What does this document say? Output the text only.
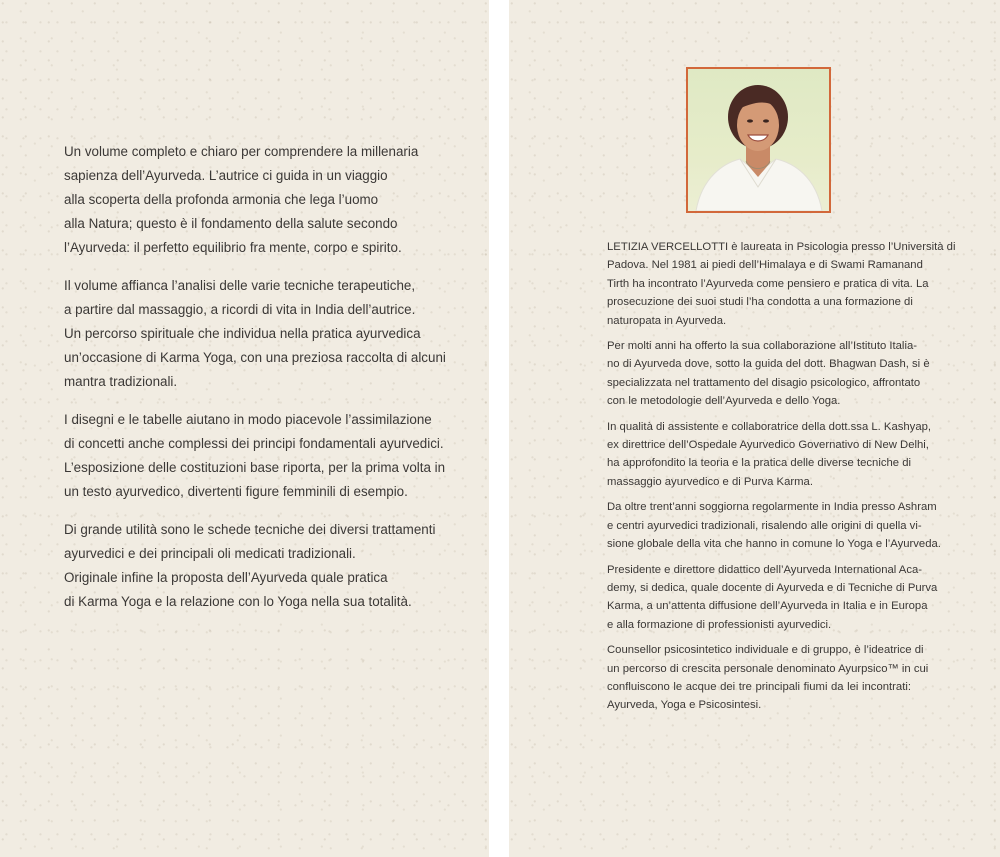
Un volume completo e chiaro per comprendere la millenaria
sapienza dell’Ayurveda. L’autrice ci guida in un viaggio
alla scoperta della profonda armonia che lega l’uomo
alla Natura; questo è il fondamento della salute secondo
l’Ayurveda: il perfetto equilibrio fra mente, corpo e spirito.

Il volume affianca l’analisi delle varie tecniche terapeutiche,
a partire dal massaggio, a ricordi di vita in India dell’autrice.
Un percorso spirituale che individua nella pratica ayurvedica
un’occasione di Karma Yoga, con una preziosa raccolta di alcuni
mantra tradizionali.

I disegni e le tabelle aiutano in modo piacevole l’assimilazione
di concetti anche complessi dei principi fondamentali ayurvedici.
L’esposizione delle costituzioni base riporta, per la prima volta in
un testo ayurvedico, divertenti figure femminili di esempio.

Di grande utilità sono le schede tecniche dei diversi trattamenti
ayurvedici e dei principali oli medicati tradizionali.
Originale infine la proposta dell’Ayurveda quale pratica
di Karma Yoga e la relazione con lo Yoga nella sua totalità.

LETIZIA VERCELLOTTI è laureata in Psicologia presso l’Università di
Padova. Nel 1981 ai piedi dell’Himalaya e di Swami Ramanand
Tirth ha incontrato l’Ayurveda come pensiero e pratica di vita. La
prosecuzione dei suoi studi l’ha condotta a una formazione di
naturopata in Ayurveda.

Per molti anni ha offerto la sua collaborazione all’Istituto Italia-
no di Ayurveda dove, sotto la guida del dott. Bhagwan Dash, si è
specializzata nel trattamento del disagio psicologico, affrontato
con le metodologie dell’Ayurveda e dello Yoga.

In qualità di assistente e collaboratrice della dott.ssa L. Kashyap,
ex direttrice dell’Ospedale Ayurvedico Governativo di New Delhi,
ha approfondito la teoria e la pratica delle diverse tecniche di
massaggio ayurvedico e di Purva Karma.

Da oltre trent’anni soggiorna regolarmente in India presso Ashram
e centri ayurvedici tradizionali, risalendo alle origini di quella vi-
sione globale della vita che hanno in comune lo Yoga e l’Ayurveda.

Presidente e direttore didattico dell’Ayurveda International Aca-
demy, si dedica, quale docente di Ayurveda e di Tecniche di Purva
Karma, a un’attenta diffusione dell’Ayurveda in Italia e in Europa
e alla formazione di professionisti ayurvedici.

Counsellor psicosintetico individuale e di gruppo, è l’ideatrice di
un percorso di crescita personale denominato Ayurpsico™ in cui
confluiscono le acque dei tre principali fiumi da lei incontrati:
Ayurveda, Yoga e Psicosintesi.
